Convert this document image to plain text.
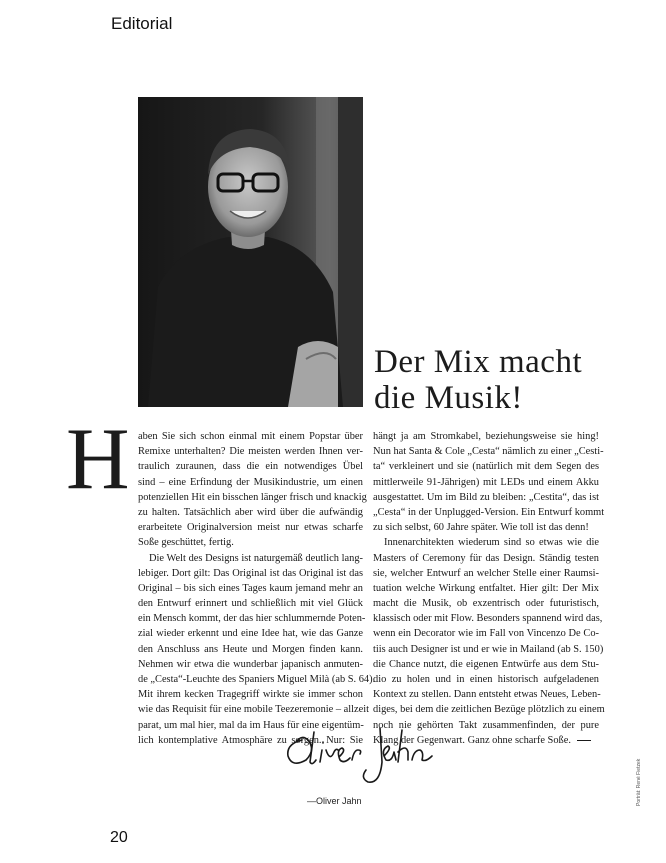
Editorial
Der Mix macht
die Musik!
H aben Sie sich schon einmal mit einem Popstar über
Remixe unterhalten? Die meisten werden Ihnen ver-
traulich zuraunen, dass die ein notwendiges Übel
sind – eine Erfindung der Musikindustrie, um einen
potenziellen Hit ein bisschen länger frisch und knackig
zu halten. Tatsächlich aber wird über die aufwändig
erarbeitete Originalversion meist nur etwas scharfe
Soße geschüttet, fertig.
Die Welt des Designs ist naturgemäß deutlich lang-
lebiger. Dort gilt: Das Original ist das Original ist das
Original – bis sich eines Tages kaum jemand mehr an
den Entwurf erinnert und schließlich mit viel Glück
ein Mensch kommt, der das hier schlummernde Poten-
zial wieder erkennt und eine Idee hat, wie das Ganze
den Anschluss ans Heute und Morgen finden kann.
Nehmen wir etwa die wunderbar japanisch anmuten-
de „Cesta“-Leuchte des Spaniers Miguel Milà (ab S. 64).
Mit ihrem kecken Tragegriff wirkte sie immer schon
wie das Requisit für eine mobile Teezeremonie – allzeit
parat, um mal hier, mal da im Haus für eine eigentüm-
lich kontemplative Atmosphäre zu sorgen. Nur: Sie
hängt ja am Stromkabel, beziehungsweise sie hing!
Nun hat Santa & Cole „Cesta“ nämlich zu einer „Cesti-
ta“ verkleinert und sie (natürlich mit dem Segen des
mittlerweile 91-Jährigen) mit LEDs und einem Akku
ausgestattet. Um im Bild zu bleiben: „Cestita“, das ist
„Cesta“ in der Unplugged-Version. Ein Entwurf kommt
zu sich selbst, 60 Jahre später. Wie toll ist das denn!
Innenarchitekten wiederum sind so etwas wie die
Masters of Ceremony für das Design. Ständig testen
sie, welcher Entwurf an welcher Stelle einer Raumsi-
tuation welche Wirkung entfaltet. Hier gilt: Der Mix
macht die Musik, ob exzentrisch oder futuristisch,
klassisch oder mit Flow. Besonders spannend wird das,
wenn ein Decorator wie im Fall von Vincenzo De Co-
tiis auch Designer ist und er wie in Mailand (ab S. 150)
die Chance nutzt, die eigenen Entwürfe aus dem Stu-
dio zu holen und in einen historisch aufgeladenen
Kontext zu stellen. Dann entsteht etwas Neues, Leben-
diges, bei dem die zeitlichen Bezüge plötzlich zu einem
noch nie gehörten Takt zusammenfinden, der pure
Klang der Gegenwart. Ganz ohne scharfe Soße.
—Oliver Jahn	Porträt: René Fietzek
20
